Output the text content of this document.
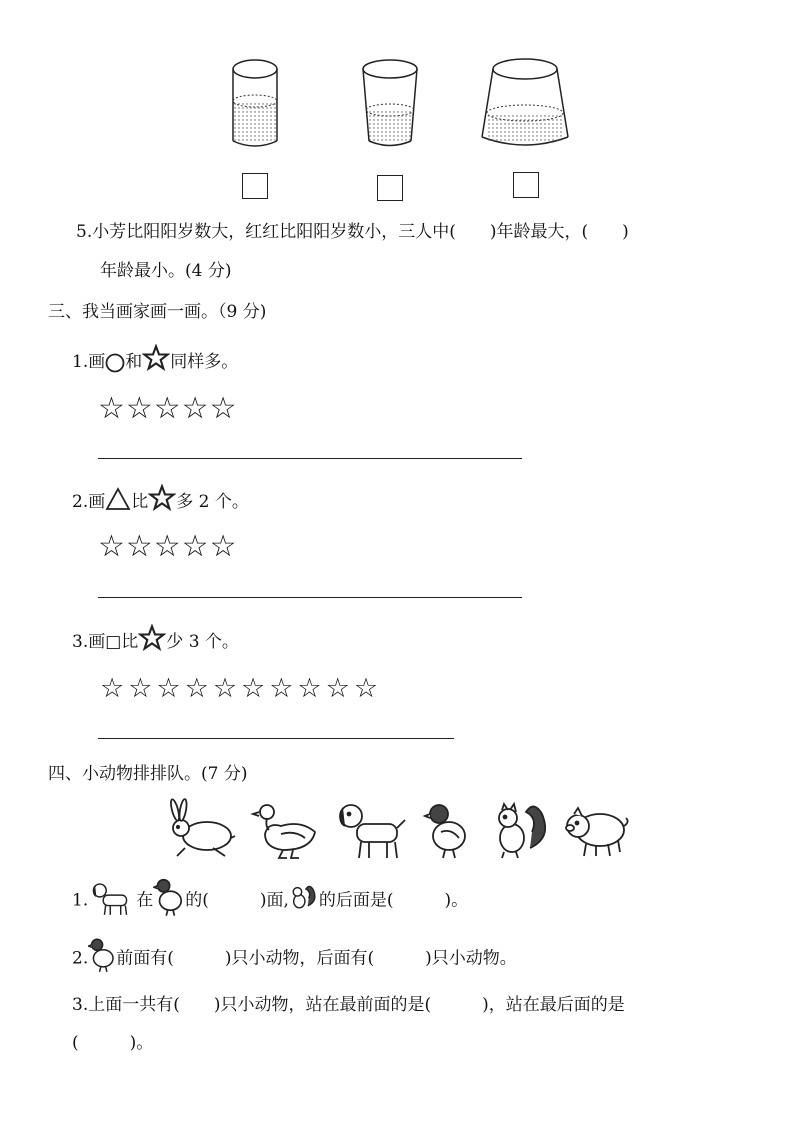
5.小芳比阳阳岁数大，红红比阳阳岁数小，三人中(　　)年龄最大，(　　)
年龄最小。(4 分)
三、我当画家画一画。（9 分)
1.画 和 同样多。
☆☆☆☆☆
2.画 比 多 2 个。
☆☆☆☆☆
3.画□比 少 3 个。
☆☆☆☆☆☆☆☆☆☆
四、小动物排排队。(7 分)
1.	在 的(　　　)面, 的后面是(　　　)。
2. 前面有(　　　)只小动物，后面有(　　　)只小动物。
3.上面一共有(　　)只小动物，站在最前面的是(　　　)，站在最后面的是
(　　　)。
